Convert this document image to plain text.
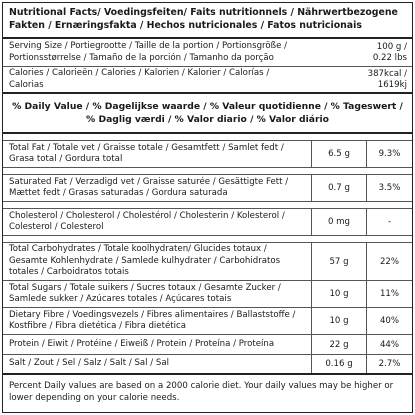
Nutritional Facts/ Voedingsfeiten/ Faits nutritionnels / Nährwertbezogene Fakten / Ernæringsfakta / Hechos nutricionales / Fatos nutricionais
Serving Size / Portiegrootte / Taille de la portion / Portionsgröße / Portionsstørrelse / Tamaño de la porción / Tamanho da porção
100 g /
0.22 lbs
Calories / Calorieën / Calories / Kalorien / Kalorier / Calorías / Calorias
387kcal /
1619kj
% Daily Value / % Dagelijkse waarde / % Valeur quotidienne / % Tageswert / % Daglig værdi / % Valor diario / % Valor diário
Total Fat / Totale vet / Graisse totale / Gesamtfett / Samlet fedt / Grasa total / Gordura total	6.5 g	9.3%
Saturated Fat / Verzadigd vet / Graisse saturée / Gesättigte Fett / Mættet fedt / Grasas saturadas / Gordura saturada	0.7 g	3.5%
Cholesterol / Cholesterol / Cholestérol / Cholesterin / Kolesterol / Colesterol / Colesterol	0 mg	-
Total Carbohydrates / Totale koolhydraten/ Glucides totaux / Gesamte Kohlenhydrate / Samlede kulhydrater / Carbohidratos totales / Carboidratos totais
57 g	22%
Total Sugars / Totale suikers / Sucres totaux / Gesamte Zucker / Samlede sukker / Azúcares totales / Açúcares totais	10 g	11%
Dietary Fibre / Voedingsvezels / Fibres alimentaires / Ballaststoffe / Kostfibre / Fibra dietética / Fibra dietética	10 g	40%
Protein / Eiwit / Protéine / Eiweiß / Protein / Proteína / Proteína	22 g	44%
Salt / Zout / Sel / Salz / Salt / Sal / Sal	0.16 g	2.7%
Percent Daily values are based on a 2000 calorie diet. Your daily values may be higher or lower depending on your calorie needs.
